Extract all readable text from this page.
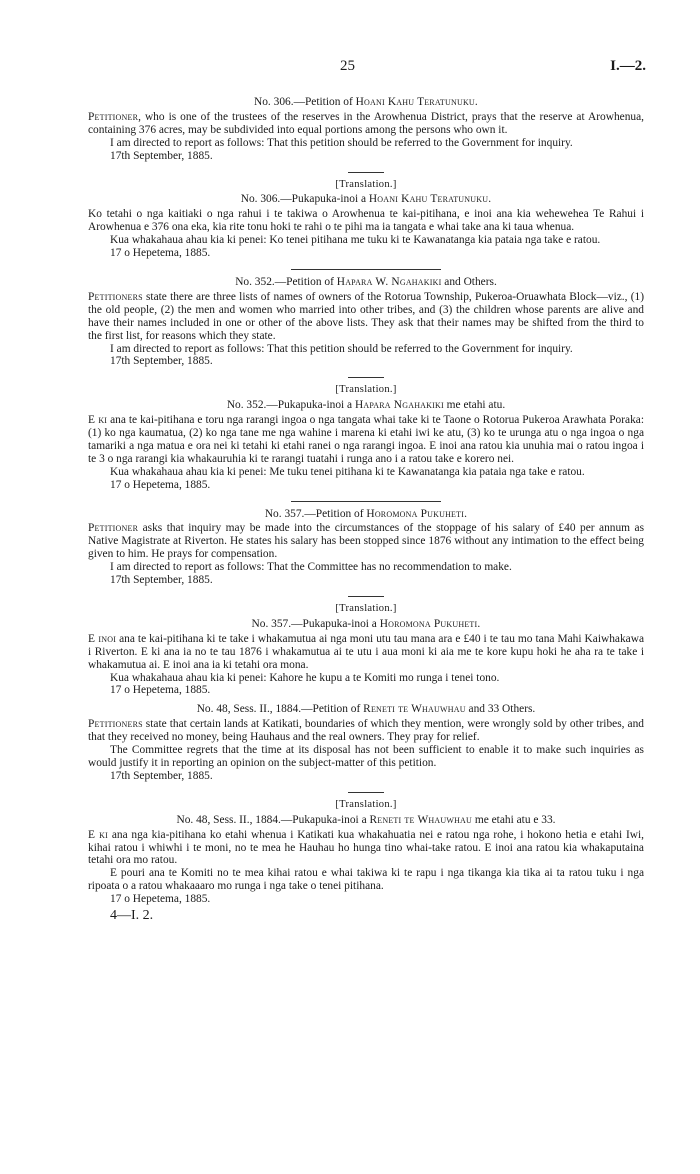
25	I.—2.

No. 306.—Petition of Hoani Kahu Teratunuku.

Petitioner, who is one of the trustees of the reserves in the Arowhenua District, prays that the reserve at Arowhenua, containing 376 acres, may be subdivided into equal portions among the persons who own it.

I am directed to report as follows: That this petition should be referred to the Government for inquiry.

17th September, 1885.

[Translation.]

No. 306.—Pukapuka-inoi a Hoani Kahu Teratunuku.

Ko tetahi o nga kaitiaki o nga rahui i te takiwa o Arowhenua te kai-pitihana, e inoi ana kia wehewehea Te Rahui i Arowhenua e 376 ona eka, kia rite tonu hoki te rahi o te pihi ma ia tangata e whai take ana ki taua whenua.

Kua whakahaua ahau kia ki penei: Ko tenei pitihana me tuku ki te Kawanatanga kia pataia nga take e ratou.

17 o Hepetema, 1885.

No. 352.—Petition of Hapara W. Ngahakiki and Others.

Petitioners state there are three lists of names of owners of the Rotorua Township, Pukeroa-Oruawhata Block—viz., (1) the old people, (2) the men and women who married into other tribes, and (3) the children whose parents are alive and have their names included in one or other of the above lists. They ask that their names may be shifted from the third to the first list, for reasons which they state.

I am directed to report as follows: That this petition should be referred to the Government for inquiry.

17th September, 1885.

[Translation.]

No. 352.—Pukapuka-inoi a Hapara Ngahakiki me etahi atu.

E ki ana te kai-pitihana e toru nga rarangi ingoa o nga tangata whai take ki te Taone o Rotorua Pukeroa Arawhata Poraka: (1) ko nga kaumatua, (2) ko nga tane me nga wahine i marena ki etahi iwi ke atu, (3) ko te urunga atu o nga ingoa o nga tamariki a nga matua e ora nei ki tetahi ki etahi ranei o nga rarangi ingoa. E inoi ana ratou kia unuhia mai o ratou ingoa i te 3 o nga rarangi kia whakauruhia ki te rarangi tuatahi i runga ano i a ratou take e korero nei.

Kua whakahaua ahau kia ki penei: Me tuku tenei pitihana ki te Kawanatanga kia pataia nga take e ratou.

17 o Hepetema, 1885.

No. 357.—Petition of Horomona Pukuheti.

Petitioner asks that inquiry may be made into the circumstances of the stoppage of his salary of £40 per annum as Native Magistrate at Riverton. He states his salary has been stopped since 1876 without any intimation to the effect being given to him. He prays for compensation.

I am directed to report as follows: That the Committee has no recommendation to make.

17th September, 1885.

[Translation.]

No. 357.—Pukapuka-inoi a Horomona Pukuheti.

E inoi ana te kai-pitihana ki te take i whakamutua ai nga moni utu tau mana ara e £40 i te tau mo tana Mahi Kaiwhakawa i Riverton. E ki ana ia no te tau 1876 i whakamutua ai te utu i aua moni ki aia me te kore kupu hoki he aha ra te take i whakamutua ai. E inoi ana ia ki tetahi ora mona.

Kua whakahaua ahau kia ki penei: Kahore he kupu a te Komiti mo runga i tenei tono.

17 o Hepetema, 1885.

No. 48, Sess. II., 1884.—Petition of Reneti te Whauwhau and 33 Others.

Petitioners state that certain lands at Katikati, boundaries of which they mention, were wrongly sold by other tribes, and that they received no money, being Hauhaus and the real owners. They pray for relief.

The Committee regrets that the time at its disposal has not been sufficient to enable it to make such inquiries as would justify it in reporting an opinion on the subject-matter of this petition.

17th September, 1885.

[Translation.]

No. 48, Sess. II., 1884.—Pukapuka-inoi a Reneti te Whauwhau me etahi atu e 33.

E ki ana nga kia-pitihana ko etahi whenua i Katikati kua whakahuatia nei e ratou nga rohe, i hokono hetia e etahi Iwi, kihai ratou i whiwhi i te moni, no te mea he Hauhau ho hunga tino whai-take ratou. E inoi ana ratou kia whakaputaina tetahi ora mo ratou.

E pouri ana te Komiti no te mea kihai ratou e whai takiwa ki te rapu i nga tikanga kia tika ai ta ratou tuku i nga ripoata o a ratou whakaaaro mo runga i nga take o tenei pitihana.

17 o Hepetema, 1885.

4—I. 2.
